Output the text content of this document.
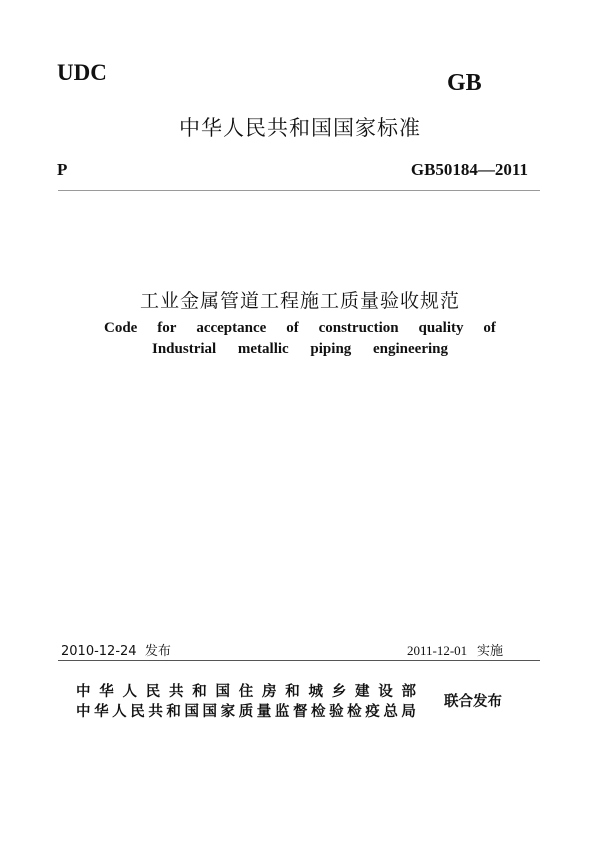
UDC	GB
中华人民共和国国家标准
P	GB50184—2011
工业金属管道工程施工质量验收规范
Code for acceptance of construction quality of
Industrial metallic piping engineering
2010-12-24 发布	2011-12-01 实施
中 华 人 民 共 和 国 住 房 和 城 乡 建 设 部
中 华 人 民 共 和 国 国 家 质 量 监 督 检 验 检 疫 总 局
联合发布
